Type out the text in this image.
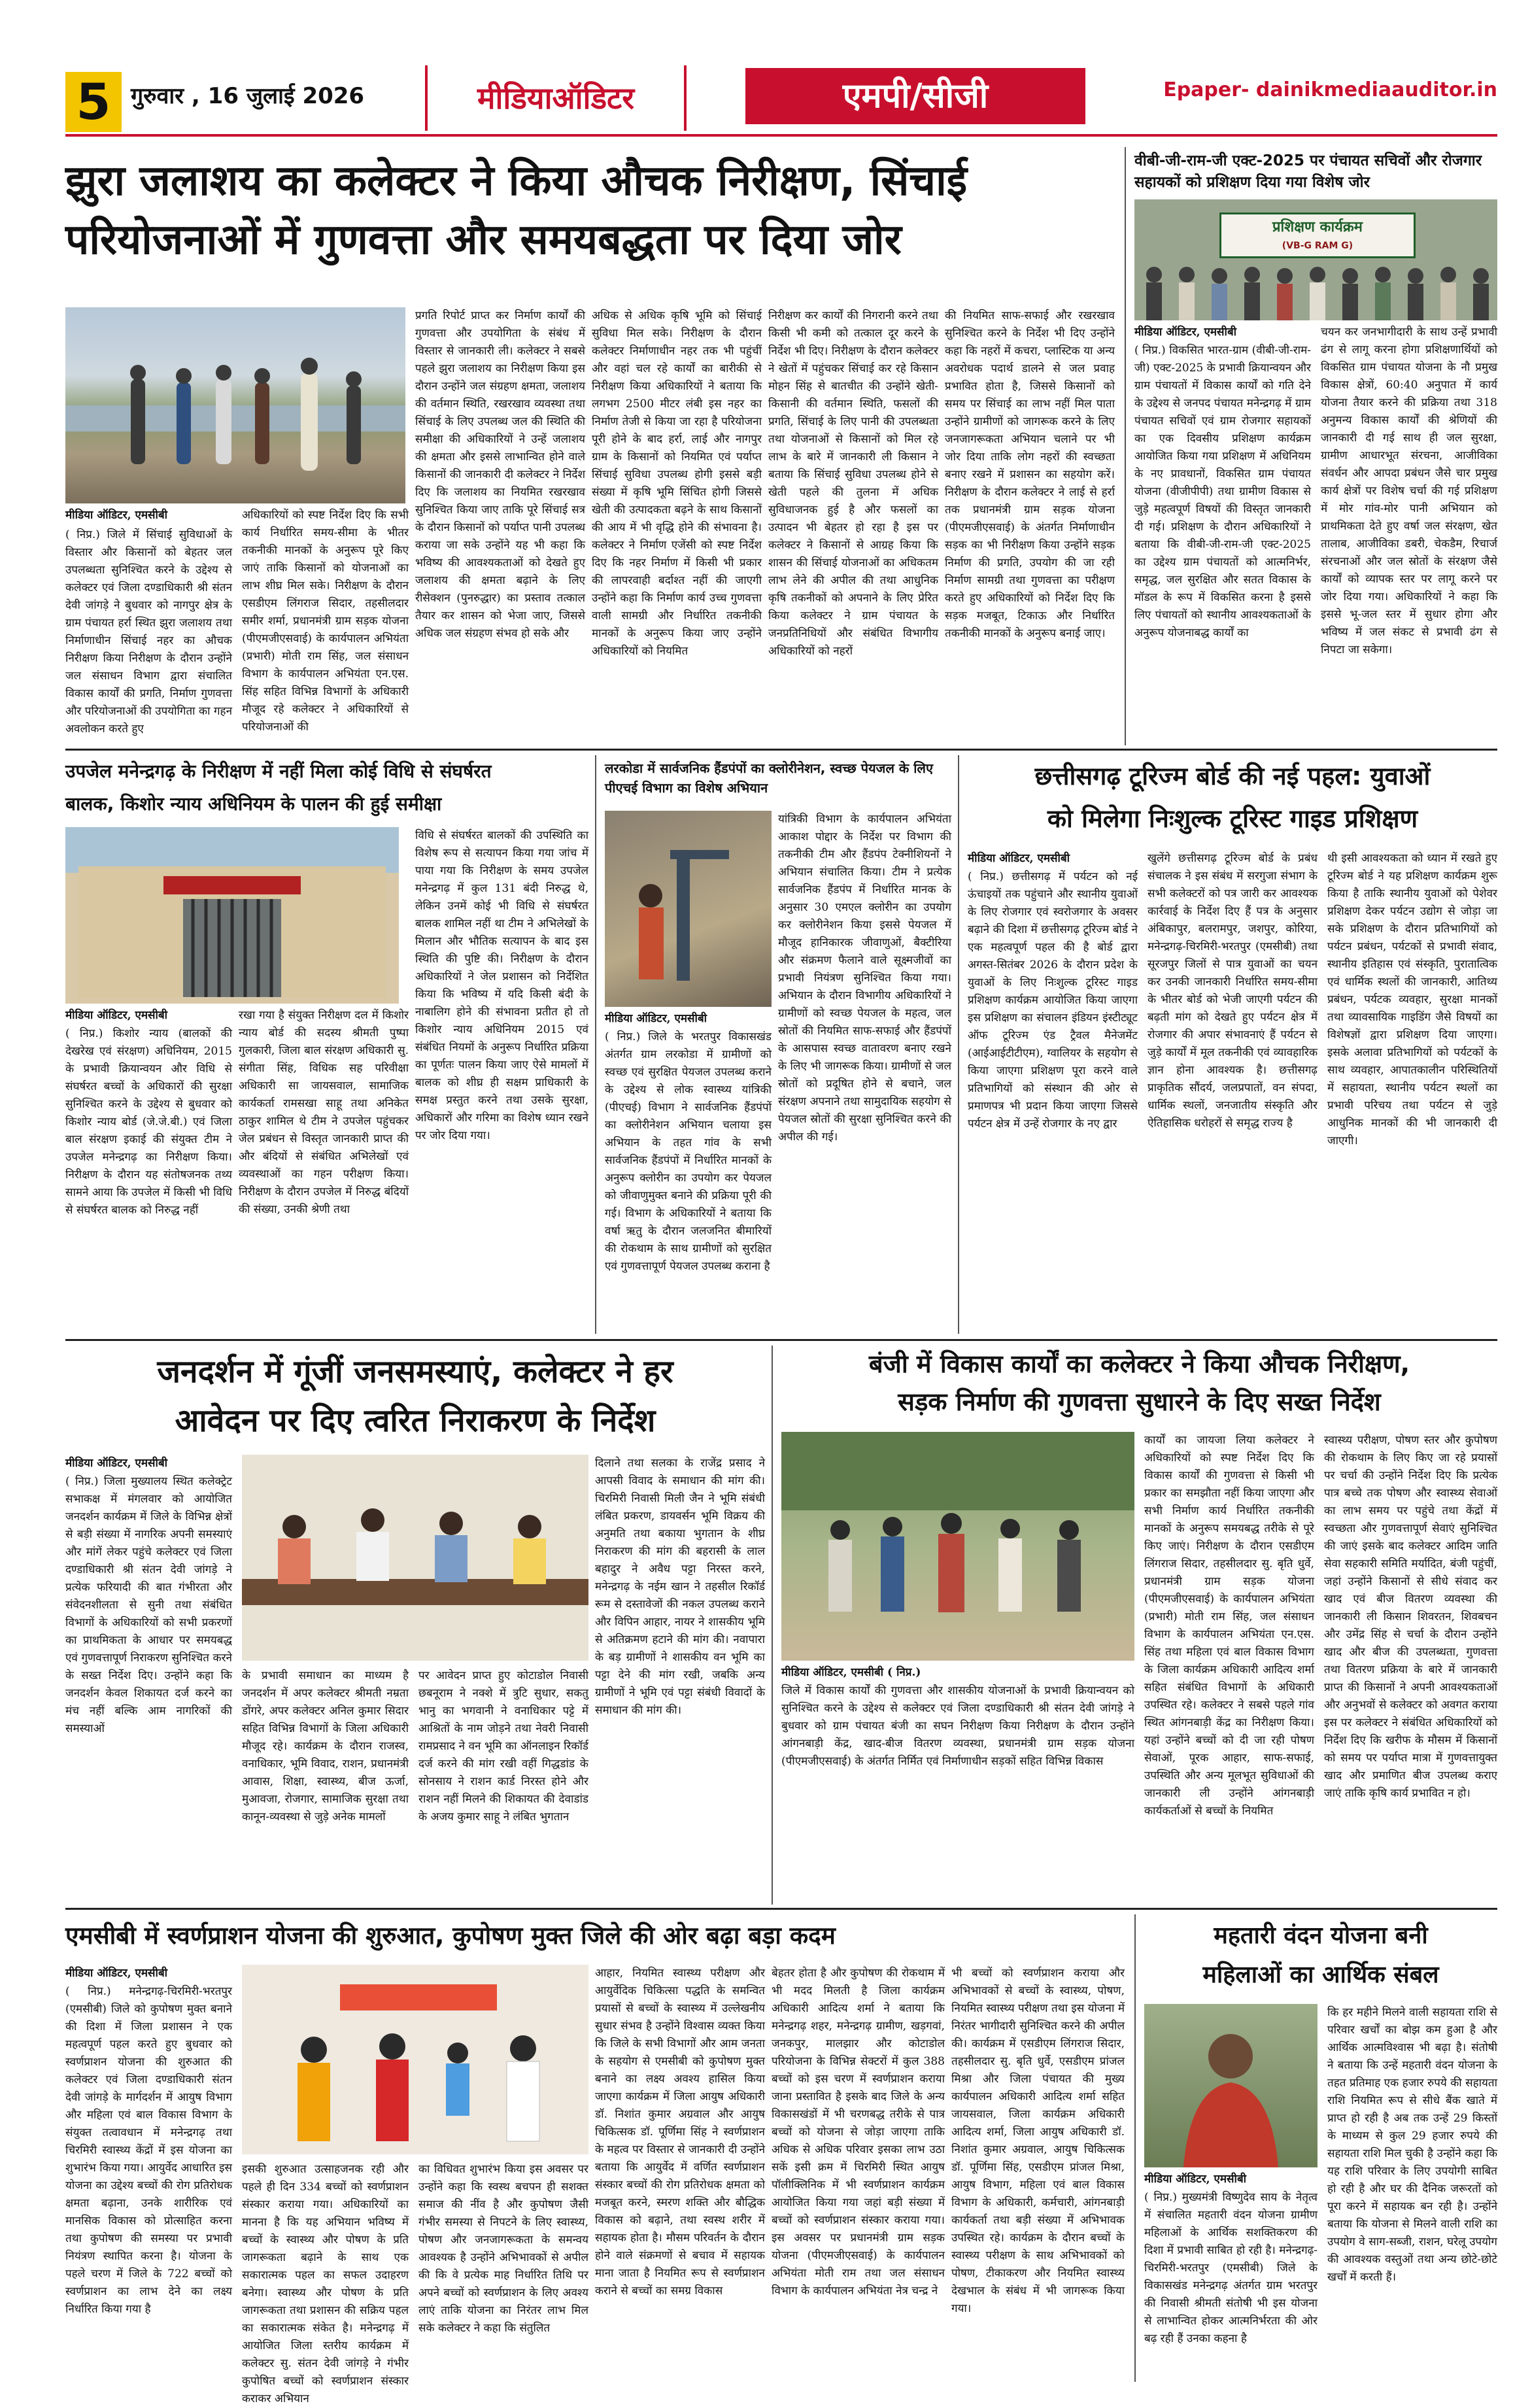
5 गुरुवार , 16 जुलाई 2026	मीडियाऑडिटर	एमपी/सीजी	Epaper- dainikmediaauditor.in
झुरा जलाशय का कलेक्टर ने किया औचक निरीक्षण, सिंचाई
परियोजनाओं में गुणवत्ता और समयबद्धता पर दिया जोर
मीडिया ऑडिटर, एमसीबी
( निप्र.) जिले में सिंचाई सुविधाओं के विस्तार और किसानों को बेहतर जल उपलब्धता सुनिश्चित करने के उद्देश्य से कलेक्टर एवं जिला दण्डाधिकारी श्री संतन देवी जांगड़े ने बुधवार को नागपुर क्षेत्र के ग्राम पंचायत हर्रा स्थित झुरा जलाशय तथा निर्माणाधीन सिंचाई नहर का औचक निरीक्षण किया निरीक्षण के दौरान उन्होंने जल संसाधन विभाग द्वारा संचालित विकास कार्यों की प्रगति, निर्माण गुणवत्ता और परियोजनाओं की उपयोगिता का गहन अवलोकन करते हुए
अधिकारियों को स्पष्ट निर्देश दिए कि सभी कार्य निर्धारित समय-सीमा के भीतर तकनीकी मानकों के अनुरूप पूरे किए जाएं ताकि किसानों को योजनाओं का लाभ शीघ्र मिल सके। निरीक्षण के दौरान एसडीएम लिंगराज सिदार, तहसीलदार समीर शर्मा, प्रधानमंत्री ग्राम सड़क योजना (पीएमजीएसवाई) के कार्यपालन अभियंता (प्रभारी) मोती राम सिंह, जल संसाधन विभाग के कार्यपालन अभियंता एन.एस. सिंह सहित विभिन्न विभागों के अधिकारी मौजूद रहे कलेक्टर ने अधिकारियों से परियोजनाओं की
प्रगति रिपोर्ट प्राप्त कर निर्माण कार्यों की गुणवत्ता और उपयोगिता के संबंध में विस्तार से जानकारी ली। कलेक्टर ने सबसे पहले झुरा जलाशय का निरीक्षण किया इस दौरान उन्होंने जल संग्रहण क्षमता, जलाशय की वर्तमान स्थिति, रखरखाव व्यवस्था तथा सिंचाई के लिए उपलब्ध जल की स्थिति की समीक्षा की अधिकारियों ने उन्हें जलाशय की क्षमता और इससे लाभान्वित होने वाले किसानों की जानकारी दी कलेक्टर ने निर्देश दिए कि जलाशय का नियमित रखरखाव सुनिश्चित किया जाए ताकि पूरे सिंचाई सत्र के दौरान किसानों को पर्याप्त पानी उपलब्ध कराया जा सके उन्होंने यह भी कहा कि भविष्य की आवश्यकताओं को देखते हुए जलाशय की क्षमता बढ़ाने के लिए रीसेक्शन (पुनरुद्धार) का प्रस्ताव तत्काल तैयार कर शासन को भेजा जाए, जिससे अधिक जल संग्रहण संभव हो सके और
अधिक से अधिक कृषि भूमि को सिंचाई सुविधा मिल सके। निरीक्षण के दौरान कलेक्टर निर्माणाधीन नहर तक भी पहुंचीं और वहां चल रहे कार्यों का बारीकी से निरीक्षण किया अधिकारियों ने बताया कि लगभग 2500 मीटर लंबी इस नहर का निर्माण तेजी से किया जा रहा है परियोजना पूरी होने के बाद हर्रा, लाई और नागपुर ग्राम के किसानों को नियमित एवं पर्याप्त सिंचाई सुविधा उपलब्ध होगी इससे बड़ी संख्या में कृषि भूमि सिंचित होगी जिससे खेती की उत्पादकता बढ़ने के साथ किसानों की आय में भी वृद्धि होने की संभावना है। कलेक्टर ने निर्माण एजेंसी को स्पष्ट निर्देश दिए कि नहर निर्माण में किसी भी प्रकार की लापरवाही बर्दाश्त नहीं की जाएगी उन्होंने कहा कि निर्माण कार्य उच्च गुणवत्ता वाली सामग्री और निर्धारित तकनीकी मानकों के अनुरूप किया जाए उन्होंने अधिकारियों को नियमित
निरीक्षण कर कार्यों की निगरानी करने तथा किसी भी कमी को तत्काल दूर करने के निर्देश भी दिए। निरीक्षण के दौरान कलेक्टर ने खेतों में पहुंचकर सिंचाई कर रहे किसान मोहन सिंह से बातचीत की उन्होंने खेती-किसानी की वर्तमान स्थिति, फसलों की प्रगति, सिंचाई के लिए पानी की उपलब्धता तथा योजनाओं से किसानों को मिल रहे लाभ के बारे में जानकारी ली किसान ने बताया कि सिंचाई सुविधा उपलब्ध होने से खेती पहले की तुलना में अधिक सुविधाजनक हुई है और फसलों का उत्पादन भी बेहतर हो रहा है इस पर कलेक्टर ने किसानों से आग्रह किया कि शासन की सिंचाई योजनाओं का अधिकतम लाभ लेने की अपील की तथा आधुनिक कृषि तकनीकों को अपनाने के लिए प्रेरित किया कलेक्टर ने ग्राम पंचायत के जनप्रतिनिधियों और संबंधित विभागीय अधिकारियों को नहरों
की नियमित साफ-सफाई और रखरखाव सुनिश्चित करने के निर्देश भी दिए उन्होंने कहा कि नहरों में कचरा, प्लास्टिक या अन्य अवरोधक पदार्थ डालने से जल प्रवाह प्रभावित होता है, जिससे किसानों को समय पर सिंचाई का लाभ नहीं मिल पाता उन्होंने ग्रामीणों को जागरूक करने के लिए जनजागरूकता अभियान चलाने पर भी जोर दिया ताकि लोग नहरों की स्वच्छता बनाए रखने में प्रशासन का सहयोग करें। निरीक्षण के दौरान कलेक्टर ने लाई से हर्रा तक प्रधानमंत्री ग्राम सड़क योजना (पीएमजीएसवाई) के अंतर्गत निर्माणाधीन सड़क का भी निरीक्षण किया उन्होंने सड़क निर्माण की प्रगति, उपयोग की जा रही निर्माण सामग्री तथा गुणवत्ता का परीक्षण करते हुए अधिकारियों को निर्देश दिए कि सड़क मजबूत, टिकाऊ और निर्धारित तकनीकी मानकों के अनुरूप बनाई जाए।
वीबी-जी-राम-जी एक्ट-2025 पर पंचायत सचिवों और रोजगार सहायकों को प्रशिक्षण दिया गया विशेष जोर
प्रशिक्षण कार्यक्रम
(VB-G RAM G)
मीडिया ऑडिटर, एमसीबी
( निप्र.) विकसित भारत-ग्राम (वीबी-जी-राम-जी) एक्ट-2025 के प्रभावी क्रियान्वयन और ग्राम पंचायतों में विकास कार्यों को गति देने के उद्देश्य से जनपद पंचायत मनेन्द्रगढ़ में ग्राम पंचायत सचिवों एवं ग्राम रोजगार सहायकों का एक दिवसीय प्रशिक्षण कार्यक्रम आयोजित किया गया प्रशिक्षण में अधिनियम के नए प्रावधानों, विकसित ग्राम पंचायत योजना (वीजीपीपी) तथा ग्रामीण विकास से जुड़े महत्वपूर्ण विषयों की विस्तृत जानकारी दी गई। प्रशिक्षण के दौरान अधिकारियों ने बताया कि वीबी-जी-राम-जी एक्ट-2025 का उद्देश्य ग्राम पंचायतों को आत्मनिर्भर, समृद्ध, जल सुरक्षित और सतत विकास के मॉडल के रूप में विकसित करना है इससे लिए पंचायतों को स्थानीय आवश्यकताओं के अनुरूप योजनाबद्ध कार्यों का
चयन कर जनभागीदारी के साथ उन्हें प्रभावी ढंग से लागू करना होगा प्रशिक्षणार्थियों को विकसित ग्राम पंचायत योजना के नौ प्रमुख विकास क्षेत्रों, 60:40 अनुपात में कार्य योजना तैयार करने की प्रक्रिया तथा 318 अनुमन्य विकास कार्यों की श्रेणियों की जानकारी दी गई साथ ही जल सुरक्षा, ग्रामीण आधारभूत संरचना, आजीविका संवर्धन और आपदा प्रबंधन जैसे चार प्रमुख कार्य क्षेत्रों पर विशेष चर्चा की गई प्रशिक्षण में मोर गांव-मोर पानी अभियान को प्राथमिकता देते हुए वर्षा जल संरक्षण, खेत तालाब, आजीविका डबरी, चेकडैम, रिचार्ज संरचनाओं और जल स्रोतों के संरक्षण जैसे कार्यों को व्यापक स्तर पर लागू करने पर जोर दिया गया। अधिकारियों ने कहा कि इससे भू-जल स्तर में सुधार होगा और भविष्य में जल संकट से प्रभावी ढंग से निपटा जा सकेगा।
उपजेल मनेन्द्रगढ़ के निरीक्षण में नहीं मिला कोई विधि से संघर्षरत
बालक, किशोर न्याय अधिनियम के पालन की हुई समीक्षा
मीडिया ऑडिटर, एमसीबी
( निप्र.) किशोर न्याय (बालकों की देखरेख एवं संरक्षण) अधिनियम, 2015 के प्रभावी क्रियान्वयन और विधि से संघर्षरत बच्चों के अधिकारों की सुरक्षा सुनिश्चित करने के उद्देश्य से बुधवार को किशोर न्याय बोर्ड (जे.जे.बी.) एवं जिला बाल संरक्षण इकाई की संयुक्त टीम ने उपजेल मनेन्द्रगढ़ का निरीक्षण किया। निरीक्षण के दौरान यह संतोषजनक तथ्य सामने आया कि उपजेल में किसी भी विधि से संघर्षरत बालक को निरुद्ध नहीं
रखा गया है संयुक्त निरीक्षण दल में किशोर न्याय बोर्ड की सदस्य श्रीमती पुष्पा गुलकारी, जिला बाल संरक्षण अधिकारी सु. संगीता सिंह, विधिक सह परिवीक्षा अधिकारी सा जायसवाल, सामाजिक कार्यकर्ता रामसखा साहू तथा अनिकेत ठाकुर शामिल थे टीम ने उपजेल पहुंचकर जेल प्रबंधन से विस्तृत जानकारी प्राप्त की और बंदियों से संबंधित अभिलेखों एवं व्यवस्थाओं का गहन परीक्षण किया। निरीक्षण के दौरान उपजेल में निरुद्ध बंदियों की संख्या, उनकी श्रेणी तथा
विधि से संघर्षरत बालकों की उपस्थिति का विशेष रूप से सत्यापन किया गया जांच में पाया गया कि निरीक्षण के समय उपजेल मनेन्द्रगढ़ में कुल 131 बंदी निरुद्ध थे, लेकिन उनमें कोई भी विधि से संघर्षरत बालक शामिल नहीं था टीम ने अभिलेखों के मिलान और भौतिक सत्यापन के बाद इस स्थिति की पुष्टि की। निरीक्षण के दौरान अधिकारियों ने जेल प्रशासन को निर्देशित किया कि भविष्य में यदि किसी बंदी के नाबालिग होने की संभावना प्रतीत हो तो किशोर न्याय अधिनियम 2015 एवं संबंधित नियमों के अनुरूप निर्धारित प्रक्रिया का पूर्णतः पालन किया जाए ऐसे मामलों में बालक को शीघ्र ही सक्षम प्राधिकारी के समक्ष प्रस्तुत करने तथा उसके सुरक्षा, अधिकारों और गरिमा का विशेष ध्यान रखने पर जोर दिया गया।
लरकोडा में सार्वजनिक हैंडपंपों का क्लोरीनेशन, स्वच्छ पेयजल के लिए पीएचई विभाग का विशेष अभियान
मीडिया ऑडिटर, एमसीबी
( निप्र.) जिले के भरतपुर विकासखंड अंतर्गत ग्राम लरकोडा में ग्रामीणों को स्वच्छ एवं सुरक्षित पेयजल उपलब्ध कराने के उद्देश्य से लोक स्वास्थ्य यांत्रिकी (पीएचई) विभाग ने सार्वजनिक हैंडपंपों का क्लोरीनेशन अभियान चलाया इस अभियान के तहत गांव के सभी सार्वजनिक हैंडपंपों में निर्धारित मानकों के अनुरूप क्लोरीन का उपयोग कर पेयजल को जीवाणुमुक्त बनाने की प्रक्रिया पूरी की गई। विभाग के अधिकारियों ने बताया कि वर्षा ऋतु के दौरान जलजनित बीमारियों की रोकथाम के साथ ग्रामीणों को सुरक्षित एवं गुणवत्तापूर्ण पेयजल उपलब्ध कराना है
यांत्रिकी विभाग के कार्यपालन अभियंता आकाश पोद्दार के निर्देश पर विभाग की तकनीकी टीम और हैंडपंप टेक्नीशियनों ने अभियान संचालित किया। टीम ने प्रत्येक सार्वजनिक हैंडपंप में निर्धारित मानक के अनुसार 30 एमएल क्लोरीन का उपयोग कर क्लोरीनेशन किया इससे पेयजल में मौजूद हानिकारक जीवाणुओं, बैक्टीरिया और संक्रमण फैलाने वाले सूक्ष्मजीवों का प्रभावी नियंत्रण सुनिश्चित किया गया। अभियान के दौरान विभागीय अधिकारियों ने ग्रामीणों को स्वच्छ पेयजल के महत्व, जल स्रोतों की नियमित साफ-सफाई और हैंडपंपों के आसपास स्वच्छ वातावरण बनाए रखने के लिए भी जागरूक किया। ग्रामीणों से जल स्रोतों को प्रदूषित होने से बचाने, जल संरक्षण अपनाने तथा सामुदायिक सहयोग से पेयजल स्रोतों की सुरक्षा सुनिश्चित करने की अपील की गई।
छत्तीसगढ़ टूरिज्म बोर्ड की नई पहल: युवाओं
को मिलेगा निःशुल्क टूरिस्ट गाइड प्रशिक्षण
मीडिया ऑडिटर, एमसीबी
( निप्र.) छत्तीसगढ़ में पर्यटन को नई ऊंचाइयों तक पहुंचाने और स्थानीय युवाओं के लिए रोजगार एवं स्वरोजगार के अवसर बढ़ाने की दिशा में छत्तीसगढ़ टूरिज्म बोर्ड ने एक महत्वपूर्ण पहल की है बोर्ड द्वारा अगस्त-सितंबर 2026 के दौरान प्रदेश के युवाओं के लिए निःशुल्क टूरिस्ट गाइड प्रशिक्षण कार्यक्रम आयोजित किया जाएगा इस प्रशिक्षण का संचालन इंडियन इंस्टीट्यूट ऑफ टूरिज्म एंड ट्रैवल मैनेजमेंट (आईआईटीटीएम), ग्वालियर के सहयोग से किया जाएगा प्रशिक्षण पूरा करने वाले प्रतिभागियों को संस्थान की ओर से प्रमाणपत्र भी प्रदान किया जाएगा जिससे पर्यटन क्षेत्र में उन्हें रोजगार के नए द्वार
खुलेंगे छत्तीसगढ़ टूरिज्म बोर्ड के प्रबंध संचालक ने इस संबंध में सरगुजा संभाग के सभी कलेक्टरों को पत्र जारी कर आवश्यक कार्रवाई के निर्देश दिए हैं पत्र के अनुसार अंबिकापुर, बलरामपुर, जशपुर, कोरिया, मनेन्द्रगढ़-चिरमिरी-भरतपुर (एमसीबी) तथा सूरजपुर जिलों से पात्र युवाओं का चयन कर उनकी जानकारी निर्धारित समय-सीमा के भीतर बोर्ड को भेजी जाएगी पर्यटन की बढ़ती मांग को देखते हुए पर्यटन क्षेत्र में रोजगार की अपार संभावनाएं हैं पर्यटन से जुड़े कार्यों में मूल तकनीकी एवं व्यावहारिक ज्ञान होना आवश्यक है। छत्तीसगढ़ प्राकृतिक सौंदर्य, जलप्रपातों, वन संपदा, धार्मिक स्थलों, जनजातीय संस्कृति और ऐतिहासिक धरोहरों से समृद्ध राज्य है
थी इसी आवश्यकता को ध्यान में रखते हुए टूरिज्म बोर्ड ने यह प्रशिक्षण कार्यक्रम शुरू किया है ताकि स्थानीय युवाओं को पेशेवर प्रशिक्षण देकर पर्यटन उद्योग से जोड़ा जा सके प्रशिक्षण के दौरान प्रतिभागियों को पर्यटन प्रबंधन, पर्यटकों से प्रभावी संवाद, स्थानीय इतिहास एवं संस्कृति, पुरातात्विक एवं धार्मिक स्थलों की जानकारी, आतिथ्य प्रबंधन, पर्यटक व्यवहार, सुरक्षा मानकों तथा व्यावसायिक गाइडिंग जैसे विषयों का विशेषज्ञों द्वारा प्रशिक्षण दिया जाएगा। इसके अलावा प्रतिभागियों को पर्यटकों के साथ व्यवहार, आपातकालीन परिस्थितियों में सहायता, स्थानीय पर्यटन स्थलों का प्रभावी परिचय तथा पर्यटन से जुड़े आधुनिक मानकों की भी जानकारी दी जाएगी।
जनदर्शन में गूंजीं जनसमस्याएं, कलेक्टर ने हर
आवेदन पर दिए त्वरित निराकरण के निर्देश
मीडिया ऑडिटर, एमसीबी
( निप्र.) जिला मुख्यालय स्थित कलेक्ट्रेट सभाकक्ष में मंगलवार को आयोजित जनदर्शन कार्यक्रम में जिले के विभिन्न क्षेत्रों से बड़ी संख्या में नागरिक अपनी समस्याएं और मांगें लेकर पहुंचे कलेक्टर एवं जिला दण्डाधिकारी श्री संतन देवी जांगड़े ने प्रत्येक फरियादी की बात गंभीरता और संवेदनशीलता से सुनी तथा संबंधित विभागों के अधिकारियों को सभी प्रकरणों का प्राथमिकता के आधार पर समयबद्ध एवं गुणवत्तापूर्ण निराकरण सुनिश्चित करने के सख्त निर्देश दिए। उन्होंने कहा कि जनदर्शन केवल शिकायत दर्ज करने का मंच नहीं बल्कि आम नागरिकों की समस्याओं
के प्रभावी समाधान का माध्यम है जनदर्शन में अपर कलेक्टर श्रीमती नम्रता डोंगरे, अपर कलेक्टर अनिल कुमार सिदार सहित विभिन्न विभागों के जिला अधिकारी मौजूद रहे। कार्यक्रम के दौरान राजस्व, वनाधिकार, भूमि विवाद, राशन, प्रधानमंत्री आवास, शिक्षा, स्वास्थ्य, बीज ऊर्जा, मुआवजा, रोजगार, सामाजिक सुरक्षा तथा कानून-व्यवस्था से जुड़े अनेक मामलों
पर आवेदन प्राप्त हुए कोटाडोल निवासी छबनूराम ने नक्शे में त्रुटि सुधार, सकतु भानु का भगवानी ने वनाधिकार पट्टे में आश्रितों के नाम जोड़ने तथा नेवरी निवासी रामप्रसाद ने वन भूमि का ऑनलाइन रिकॉर्ड दर्ज करने की मांग रखी वहीं गिद्धडांड के सोनसाय ने राशन कार्ड निरस्त होने और राशन नहीं मिलने की शिकायत की देवाडांड के अजय कुमार साहू ने लंबित भुगतान
दिलाने तथा सलका के राजेंद्र प्रसाद ने आपसी विवाद के समाधान की मांग की। चिरमिरी निवासी मिली जैन ने भूमि संबंधी लंबित प्रकरण, डायवर्सन भूमि विक्रय की अनुमति तथा बकाया भुगतान के शीघ्र निराकरण की मांग की बहरासी के लाल बहादुर ने अवैध पट्टा निरस्त करने, मनेन्द्रगढ़ के नईम खान ने तहसील रिकॉर्ड रूम से दस्तावेजों की नकल उपलब्ध कराने और विपिन आहार, नायर ने शासकीय भूमि से अतिक्रमण हटाने की मांग की। नवापारा के बड़ ग्रामीणों ने शासकीय वन भूमि का पट्टा देने की मांग रखी, जबकि अन्य ग्रामीणों ने भूमि एवं पट्टा संबंधी विवादों के समाधान की मांग की।
बंजी में विकास कार्यों का कलेक्टर ने किया औचक निरीक्षण,
सड़क निर्माण की गुणवत्ता सुधारने के दिए सख्त निर्देश
मीडिया ऑडिटर, एमसीबी ( निप्र.)
जिले में विकास कार्यों की गुणवत्ता और शासकीय योजनाओं के प्रभावी क्रियान्वयन को सुनिश्चित करने के उद्देश्य से कलेक्टर एवं जिला दण्डाधिकारी श्री संतन देवी जांगड़े ने बुधवार को ग्राम पंचायत बंजी का सघन निरीक्षण किया निरीक्षण के दौरान उन्होंने आंगनबाड़ी केंद्र, खाद-बीज वितरण व्यवस्था, प्रधानमंत्री ग्राम सड़क योजना (पीएमजीएसवाई) के अंतर्गत निर्मित एवं निर्माणाधीन सड़कों सहित विभिन्न विकास
कार्यों का जायजा लिया कलेक्टर ने अधिकारियों को स्पष्ट निर्देश दिए कि विकास कार्यों की गुणवत्ता से किसी भी प्रकार का समझौता नहीं किया जाएगा और सभी निर्माण कार्य निर्धारित तकनीकी मानकों के अनुरूप समयबद्ध तरीके से पूरे किए जाएं। निरीक्षण के दौरान एसडीएम लिंगराज सिदार, तहसीलदार सु. बृति धुर्वे, प्रधानमंत्री ग्राम सड़क योजना (पीएमजीएसवाई) के कार्यपालन अभियंता (प्रभारी) मोती राम सिंह, जल संसाधन विभाग के कार्यपालन अभियंता एन.एस. सिंह तथा महिला एवं बाल विकास विभाग के जिला कार्यक्रम अधिकारी आदित्य शर्मा सहित संबंधित विभागों के अधिकारी उपस्थित रहे। कलेक्टर ने सबसे पहले गांव स्थित आंगनबाड़ी केंद्र का निरीक्षण किया। यहां उन्होंने बच्चों को दी जा रही पोषण सेवाओं, पूरक आहार, साफ-सफाई, उपस्थिति और अन्य मूलभूत सुविधाओं की जानकारी ली उन्होंने आंगनबाड़ी कार्यकर्ताओं से बच्चों के नियमित
स्वास्थ्य परीक्षण, पोषण स्तर और कुपोषण की रोकथाम के लिए किए जा रहे प्रयासों पर चर्चा की उन्होंने निर्देश दिए कि प्रत्येक पात्र बच्चे तक पोषण और स्वास्थ्य सेवाओं का लाभ समय पर पहुंचे तथा केंद्रों में स्वच्छता और गुणवत्तापूर्ण सेवाएं सुनिश्चित की जाएं इसके बाद कलेक्टर आदिम जाति सेवा सहकारी समिति मर्यादित, बंजी पहुंचीं, जहां उन्होंने किसानों से सीधे संवाद कर खाद एवं बीज वितरण व्यवस्था की जानकारी ली किसान शिवरतन, शिवबचन और उमेंद्र सिंह से चर्चा के दौरान उन्होंने खाद और बीज की उपलब्धता, गुणवत्ता तथा वितरण प्रक्रिया के बारे में जानकारी प्राप्त की किसानों ने अपनी आवश्यकताओं और अनुभवों से कलेक्टर को अवगत कराया इस पर कलेक्टर ने संबंधित अधिकारियों को निर्देश दिए कि खरीफ के मौसम में किसानों को समय पर पर्याप्त मात्रा में गुणवत्तायुक्त खाद और प्रमाणित बीज उपलब्ध कराए जाएं ताकि कृषि कार्य प्रभावित न हो।
एमसीबी में स्वर्णप्राशन योजना की शुरुआत, कुपोषण मुक्त जिले की ओर बढ़ा बड़ा कदम
मीडिया ऑडिटर, एमसीबी
( निप्र.) मनेन्द्रगढ़-चिरमिरी-भरतपुर (एमसीबी) जिले को कुपोषण मुक्त बनाने की दिशा में जिला प्रशासन ने एक महत्वपूर्ण पहल करते हुए बुधवार को स्वर्णप्राशन योजना की शुरुआत की कलेक्टर एवं जिला दण्डाधिकारी संतन देवी जांगड़े के मार्गदर्शन में आयुष विभाग और महिला एवं बाल विकास विभाग के संयुक्त तत्वावधान में मनेन्द्रगढ़ तथा चिरमिरी स्वास्थ्य केंद्रों में इस योजना का शुभारंभ किया गया। आयुर्वेद आधारित इस योजना का उद्देश्य बच्चों की रोग प्रतिरोधक क्षमता बढ़ाना, उनके शारीरिक एवं मानसिक विकास को प्रोत्साहित करना तथा कुपोषण की समस्या पर प्रभावी नियंत्रण स्थापित करना है। योजना के पहले चरण में जिले के 722 बच्चों को स्वर्णप्राशन का लाभ देने का लक्ष्य निर्धारित किया गया है
इसकी शुरुआत उत्साहजनक रही और पहले ही दिन 334 बच्चों को स्वर्णप्राशन संस्कार कराया गया। अधिकारियों का मानना है कि यह अभियान भविष्य में बच्चों के स्वास्थ्य और पोषण के प्रति जागरूकता बढ़ाने के साथ एक सकारात्मक पहल का सफल उदाहरण बनेगा। स्वास्थ्य और पोषण के प्रति जागरूकता तथा प्रशासन की सक्रिय पहल का सकारात्मक संकेत है। मनेन्द्रगढ़ में आयोजित जिला स्तरीय कार्यक्रम में कलेक्टर सु. संतन देवी जांगड़े ने गंभीर कुपोषित बच्चों को स्वर्णप्राशन संस्कार कराकर अभियान
का विधिवत शुभारंभ किया इस अवसर पर उन्होंने कहा कि स्वस्थ बचपन ही सशक्त समाज की नींव है और कुपोषण जैसी गंभीर समस्या से निपटने के लिए स्वास्थ्य, पोषण और जनजागरूकता के समन्वय आवश्यक है उन्होंने अभिभावकों से अपील की कि वे प्रत्येक माह निर्धारित तिथि पर अपने बच्चों को स्वर्णप्राशन के लिए अवश्य लाएं ताकि योजना का निरंतर लाभ मिल सके कलेक्टर ने कहा कि संतुलित
आहार, नियमित स्वास्थ्य परीक्षण और आयुर्वेदिक चिकित्सा पद्धति के समन्वित प्रयासों से बच्चों के स्वास्थ्य में उल्लेखनीय सुधार संभव है उन्होंने विश्वास व्यक्त किया कि जिले के सभी विभागों और आम जनता के सहयोग से एमसीबी को कुपोषण मुक्त बनाने का लक्ष्य अवश्य हासिल किया जाएगा कार्यक्रम में जिला आयुष अधिकारी डॉ. निशांत कुमार अग्रवाल और आयुष चिकित्सक डॉ. पूर्णिमा सिंह ने स्वर्णप्राशन के महत्व पर विस्तार से जानकारी दी उन्होंने बताया कि आयुर्वेद में वर्णित स्वर्णप्राशन संस्कार बच्चों की रोग प्रतिरोधक क्षमता को मजबूत करने, स्मरण शक्ति और बौद्धिक विकास को बढ़ाने, तथा स्वस्थ शरीर में सहायक होता है। मौसम परिवर्तन के दौरान होने वाले संक्रमणों से बचाव में सहायक माना जाता है नियमित रूप से स्वर्णप्राशन कराने से बच्चों का समग्र विकास
बेहतर होता है और कुपोषण की रोकथाम में भी मदद मिलती है जिला कार्यक्रम अधिकारी आदित्य शर्मा ने बताया कि मनेन्द्रगढ़ शहर, मनेन्द्रगढ़ ग्रामीण, खड़गवां, जनकपुर, मालझार और कोटाडोल परियोजना के विभिन्न सेक्टरों में कुल 388 बच्चों को इस चरण में स्वर्णप्राशन कराया जाना प्रस्तावित है इसके बाद जिले के अन्य विकासखंडों में भी चरणबद्ध तरीके से पात्र बच्चों को योजना से जोड़ा जाएगा ताकि अधिक से अधिक परिवार इसका लाभ उठा सकें इसी क्रम में चिरमिरी स्थित आयुष पॉलीक्लिनिक में भी स्वर्णप्राशन कार्यक्रम आयोजित किया गया जहां बड़ी संख्या में बच्चों को स्वर्णप्राशन संस्कार कराया गया। इस अवसर पर प्रधानमंत्री ग्राम सड़क योजना (पीएमजीएसवाई) के कार्यपालन अभियंता मोती राम तथा जल संसाधन विभाग के कार्यपालन अभियंता नेत्र चन्द्र ने
भी बच्चों को स्वर्णप्राशन कराया और अभिभावकों से बच्चों के स्वास्थ्य, पोषण, नियमित स्वास्थ्य परीक्षण तथा इस योजना में निरंतर भागीदारी सुनिश्चित करने की अपील की। कार्यक्रम में एसडीएम लिंगराज सिदार, तहसीलदार सु. बृति धुर्वे, एसडीएम प्रांजल मिश्रा और जिला पंचायत की मुख्य कार्यपालन अधिकारी आदित्य शर्मा सहित जायसवाल, जिला कार्यक्रम अधिकारी आदित्य शर्मा, जिला आयुष अधिकारी डॉ. निशांत कुमार अग्रवाल, आयुष चिकित्सक डॉ. पूर्णिमा सिंह, एसडीएम प्रांजल मिश्रा, आयुष विभाग, महिला एवं बाल विकास विभाग के अधिकारी, कर्मचारी, आंगनबाड़ी कार्यकर्ता तथा बड़ी संख्या में अभिभावक उपस्थित रहे। कार्यक्रम के दौरान बच्चों के स्वास्थ्य परीक्षण के साथ अभिभावकों को पोषण, टीकाकरण और नियमित स्वास्थ्य देखभाल के संबंध में भी जागरूक किया गया।
महतारी वंदन योजना बनी
महिलाओं का आर्थिक संबल
मीडिया ऑडिटर, एमसीबी
( निप्र.) मुख्यमंत्री विष्णुदेव साय के नेतृत्व में संचालित महतारी वंदन योजना ग्रामीण महिलाओं के आर्थिक सशक्तिकरण की दिशा में प्रभावी साबित हो रही है। मनेन्द्रगढ़-चिरमिरी-भरतपुर (एमसीबी) जिले के विकासखंड मनेन्द्रगढ़ अंतर्गत ग्राम भरतपुर की निवासी श्रीमती संतोषी भी इस योजना से लाभान्वित होकर आत्मनिर्भरता की ओर बढ़ रही हैं उनका कहना है
कि हर महीने मिलने वाली सहायता राशि से परिवार खर्चों का बोझ कम हुआ है और आर्थिक आत्मविश्वास भी बढ़ा है। संतोषी ने बताया कि उन्हें महतारी वंदन योजना के तहत प्रतिमाह एक हजार रुपये की सहायता राशि नियमित रूप से सीधे बैंक खाते में प्राप्त हो रही है अब तक उन्हें 29 किस्तों के माध्यम से कुल 29 हजार रुपये की सहायता राशि मिल चुकी है उन्होंने कहा कि यह राशि परिवार के लिए उपयोगी साबित हो रही है और घर की दैनिक जरूरतों को पूरा करने में सहायक बन रही है। उन्होंने बताया कि योजना से मिलने वाली राशि का उपयोग वे साग-सब्जी, राशन, घरेलू उपयोग की आवश्यक वस्तुओं तथा अन्य छोटे-छोटे खर्चों में करती हैं।
